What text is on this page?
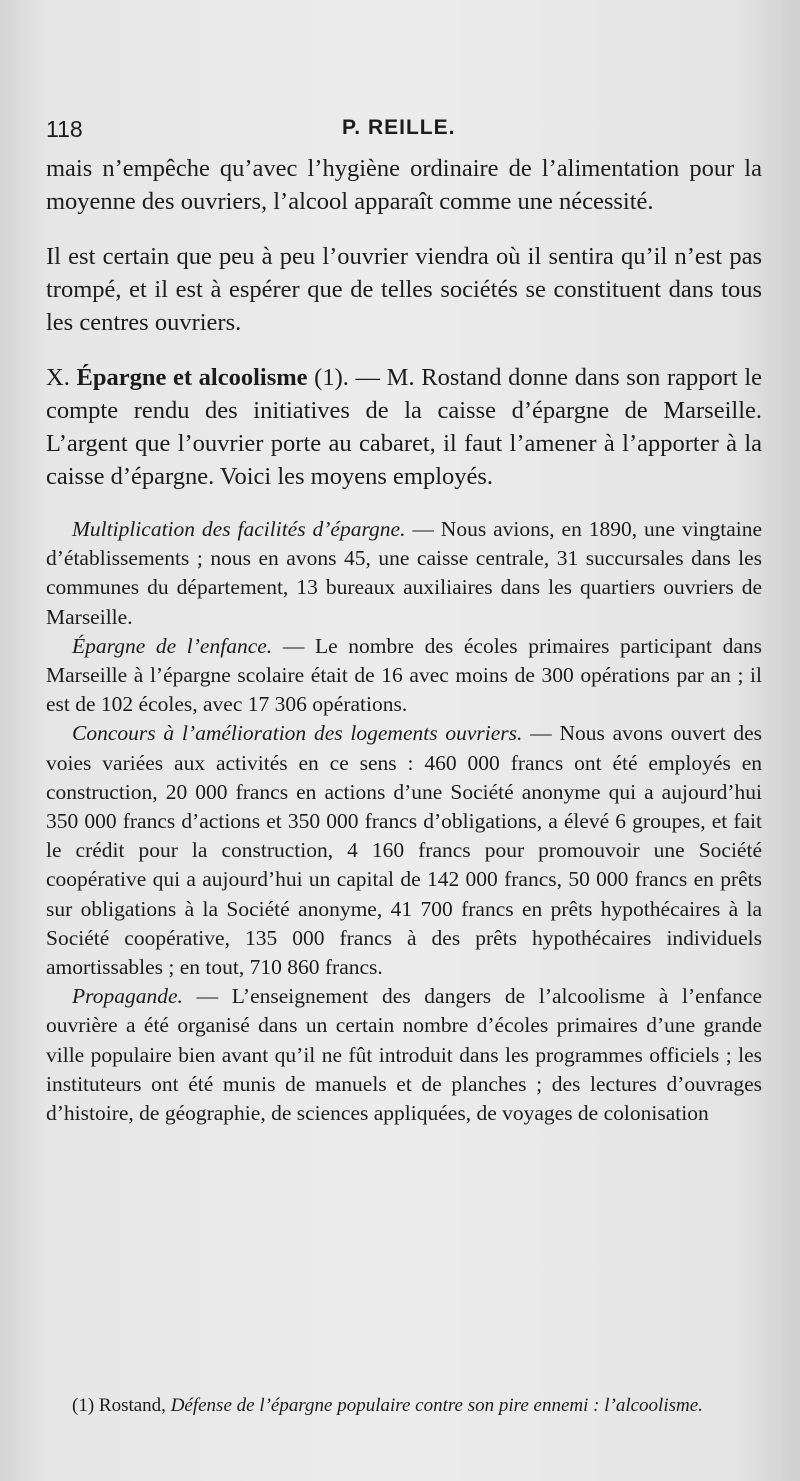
118	P. REILLE.

mais n’empêche qu’avec l’hygiène ordinaire de l’alimentation pour la moyenne des ouvriers, l’alcool apparaît comme une nécessité.

Il est certain que peu à peu l’ouvrier viendra où il sentira qu’il n’est pas trompé, et il est à espérer que de telles sociétés se constituent dans tous les centres ouvriers.

X. Épargne et alcoolisme (1). — M. Rostand donne dans son rapport le compte rendu des initiatives de la caisse d’épargne de Marseille. L’argent que l’ouvrier porte au cabaret, il faut l’amener à l’apporter à la caisse d’épargne. Voici les moyens employés.

Multiplication des facilités d’épargne. — Nous avions, en 1890, une vingtaine d’établissements ; nous en avons 45, une caisse centrale, 31 succursales dans les communes du département, 13 bureaux auxiliaires dans les quartiers ouvriers de Marseille.

Épargne de l’enfance. — Le nombre des écoles primaires participant dans Marseille à l’épargne scolaire était de 16 avec moins de 300 opérations par an ; il est de 102 écoles, avec 17 306 opérations.

Concours à l’amélioration des logements ouvriers. — Nous avons ouvert des voies variées aux activités en ce sens : 460 000 francs ont été employés en construction, 20 000 francs en actions d’une Société anonyme qui a aujourd’hui 350 000 francs d’actions et 350 000 francs d’obligations, a élevé 6 groupes, et fait le crédit pour la construction, 4 160 francs pour promouvoir une Société coopérative qui a aujourd’hui un capital de 142 000 francs, 50 000 francs en prêts sur obligations à la Société anonyme, 41 700 francs en prêts hypothécaires à la Société coopérative, 135 000 francs à des prêts hypothécaires individuels amortissables ; en tout, 710 860 francs.

Propagande. — L’enseignement des dangers de l’alcoolisme à l’enfance ouvrière a été organisé dans un certain nombre d’écoles primaires d’une grande ville populaire bien avant qu’il ne fût introduit dans les programmes officiels ; les instituteurs ont été munis de manuels et de planches ; des lectures d’ouvrages d’histoire, de géographie, de sciences appliquées, de voyages de colonisation

(1) Rostand, Défense de l’épargne populaire contre son pire ennemi : l’alcoolisme.
